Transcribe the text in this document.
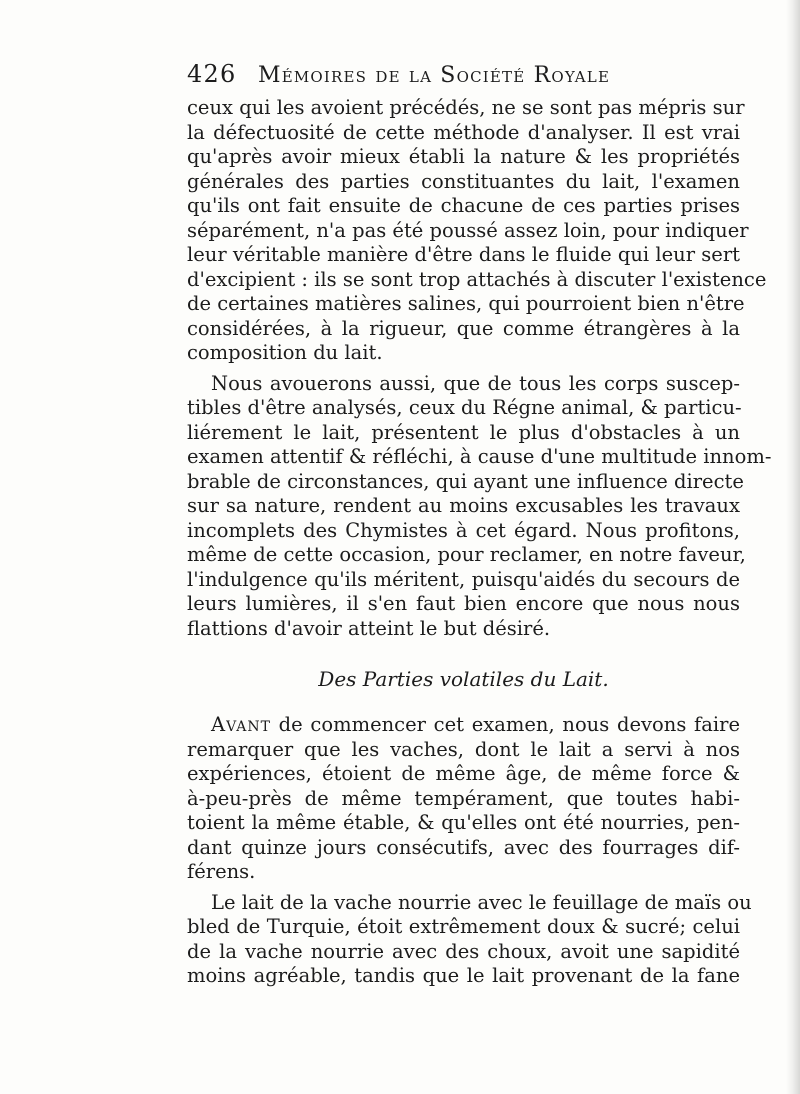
426 Mémoires de la Société Royale
ceux qui les avoient précédés, ne se sont pas mépris sur
la défectuosité de cette méthode d'analyser. Il est vrai
qu'après avoir mieux établi la nature & les propriétés
générales des parties constituantes du lait, l'examen
qu'ils ont fait ensuite de chacune de ces parties prises
séparément, n'a pas été poussé assez loin, pour indiquer
leur véritable manière d'être dans le fluide qui leur sert
d'excipient : ils se sont trop attachés à discuter l'existence
de certaines matières salines, qui pourroient bien n'être
considérées, à la rigueur, que comme étrangères à la
composition du lait.
Nous avouerons aussi, que de tous les corps suscep-
tibles d'être analysés, ceux du Régne animal, & particu-
liérement le lait, présentent le plus d'obstacles à un
examen attentif & réfléchi, à cause d'une multitude innom-
brable de circonstances, qui ayant une influence directe
sur sa nature, rendent au moins excusables les travaux
incomplets des Chymistes à cet égard. Nous profitons,
même de cette occasion, pour reclamer, en notre faveur,
l'indulgence qu'ils méritent, puisqu'aidés du secours de
leurs lumières, il s'en faut bien encore que nous nous
flattions d'avoir atteint le but désiré.
Des Parties volatiles du Lait.
Avant de commencer cet examen, nous devons faire
remarquer que les vaches, dont le lait a servi à nos
expériences, étoient de même âge, de même force &
à-peu-près de même tempérament, que toutes habi-
toient la même étable, & qu'elles ont été nourries, pen-
dant quinze jours consécutifs, avec des fourrages dif-
férens.
Le lait de la vache nourrie avec le feuillage de maïs ou
bled de Turquie, étoit extrêmement doux & sucré; celui
de la vache nourrie avec des choux, avoit une sapidité
moins agréable, tandis que le lait provenant de la fane
